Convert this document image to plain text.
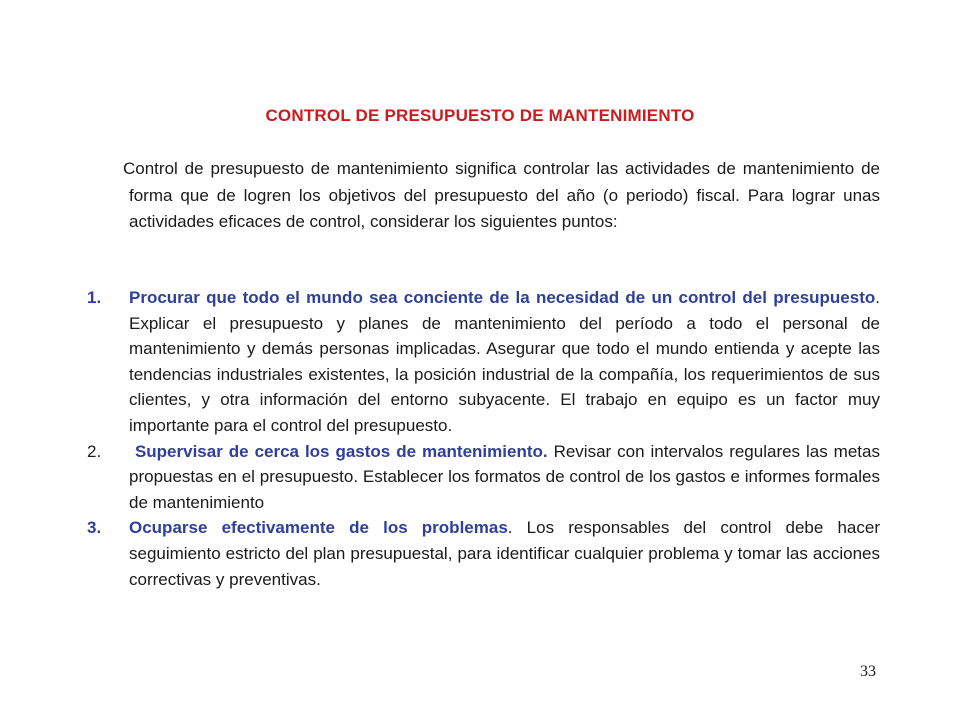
CONTROL DE PRESUPUESTO DE MANTENIMIENTO
Control de presupuesto de mantenimiento significa controlar las actividades de mantenimiento de forma que de logren los objetivos del presupuesto del año (o periodo) fiscal. Para lograr unas actividades eficaces de control, considerar los siguientes puntos:
1. Procurar que todo el mundo sea conciente de la necesidad de un control del presupuesto. Explicar el presupuesto y planes de mantenimiento del período a todo el personal de mantenimiento y demás personas implicadas. Asegurar que todo el mundo entienda y acepte las tendencias industriales existentes, la posición industrial de la compañía, los requerimientos de sus clientes, y otra información del entorno subyacente. El trabajo en equipo es un factor muy importante para el control del presupuesto.
2. Supervisar de cerca los gastos de mantenimiento. Revisar con intervalos regulares las metas propuestas en el presupuesto. Establecer los formatos de control de los gastos e informes formales de mantenimiento
3. Ocuparse efectivamente de los problemas. Los responsables del control debe hacer seguimiento estricto del plan presupuestal, para identificar cualquier problema y tomar las acciones correctivas y preventivas.
33
